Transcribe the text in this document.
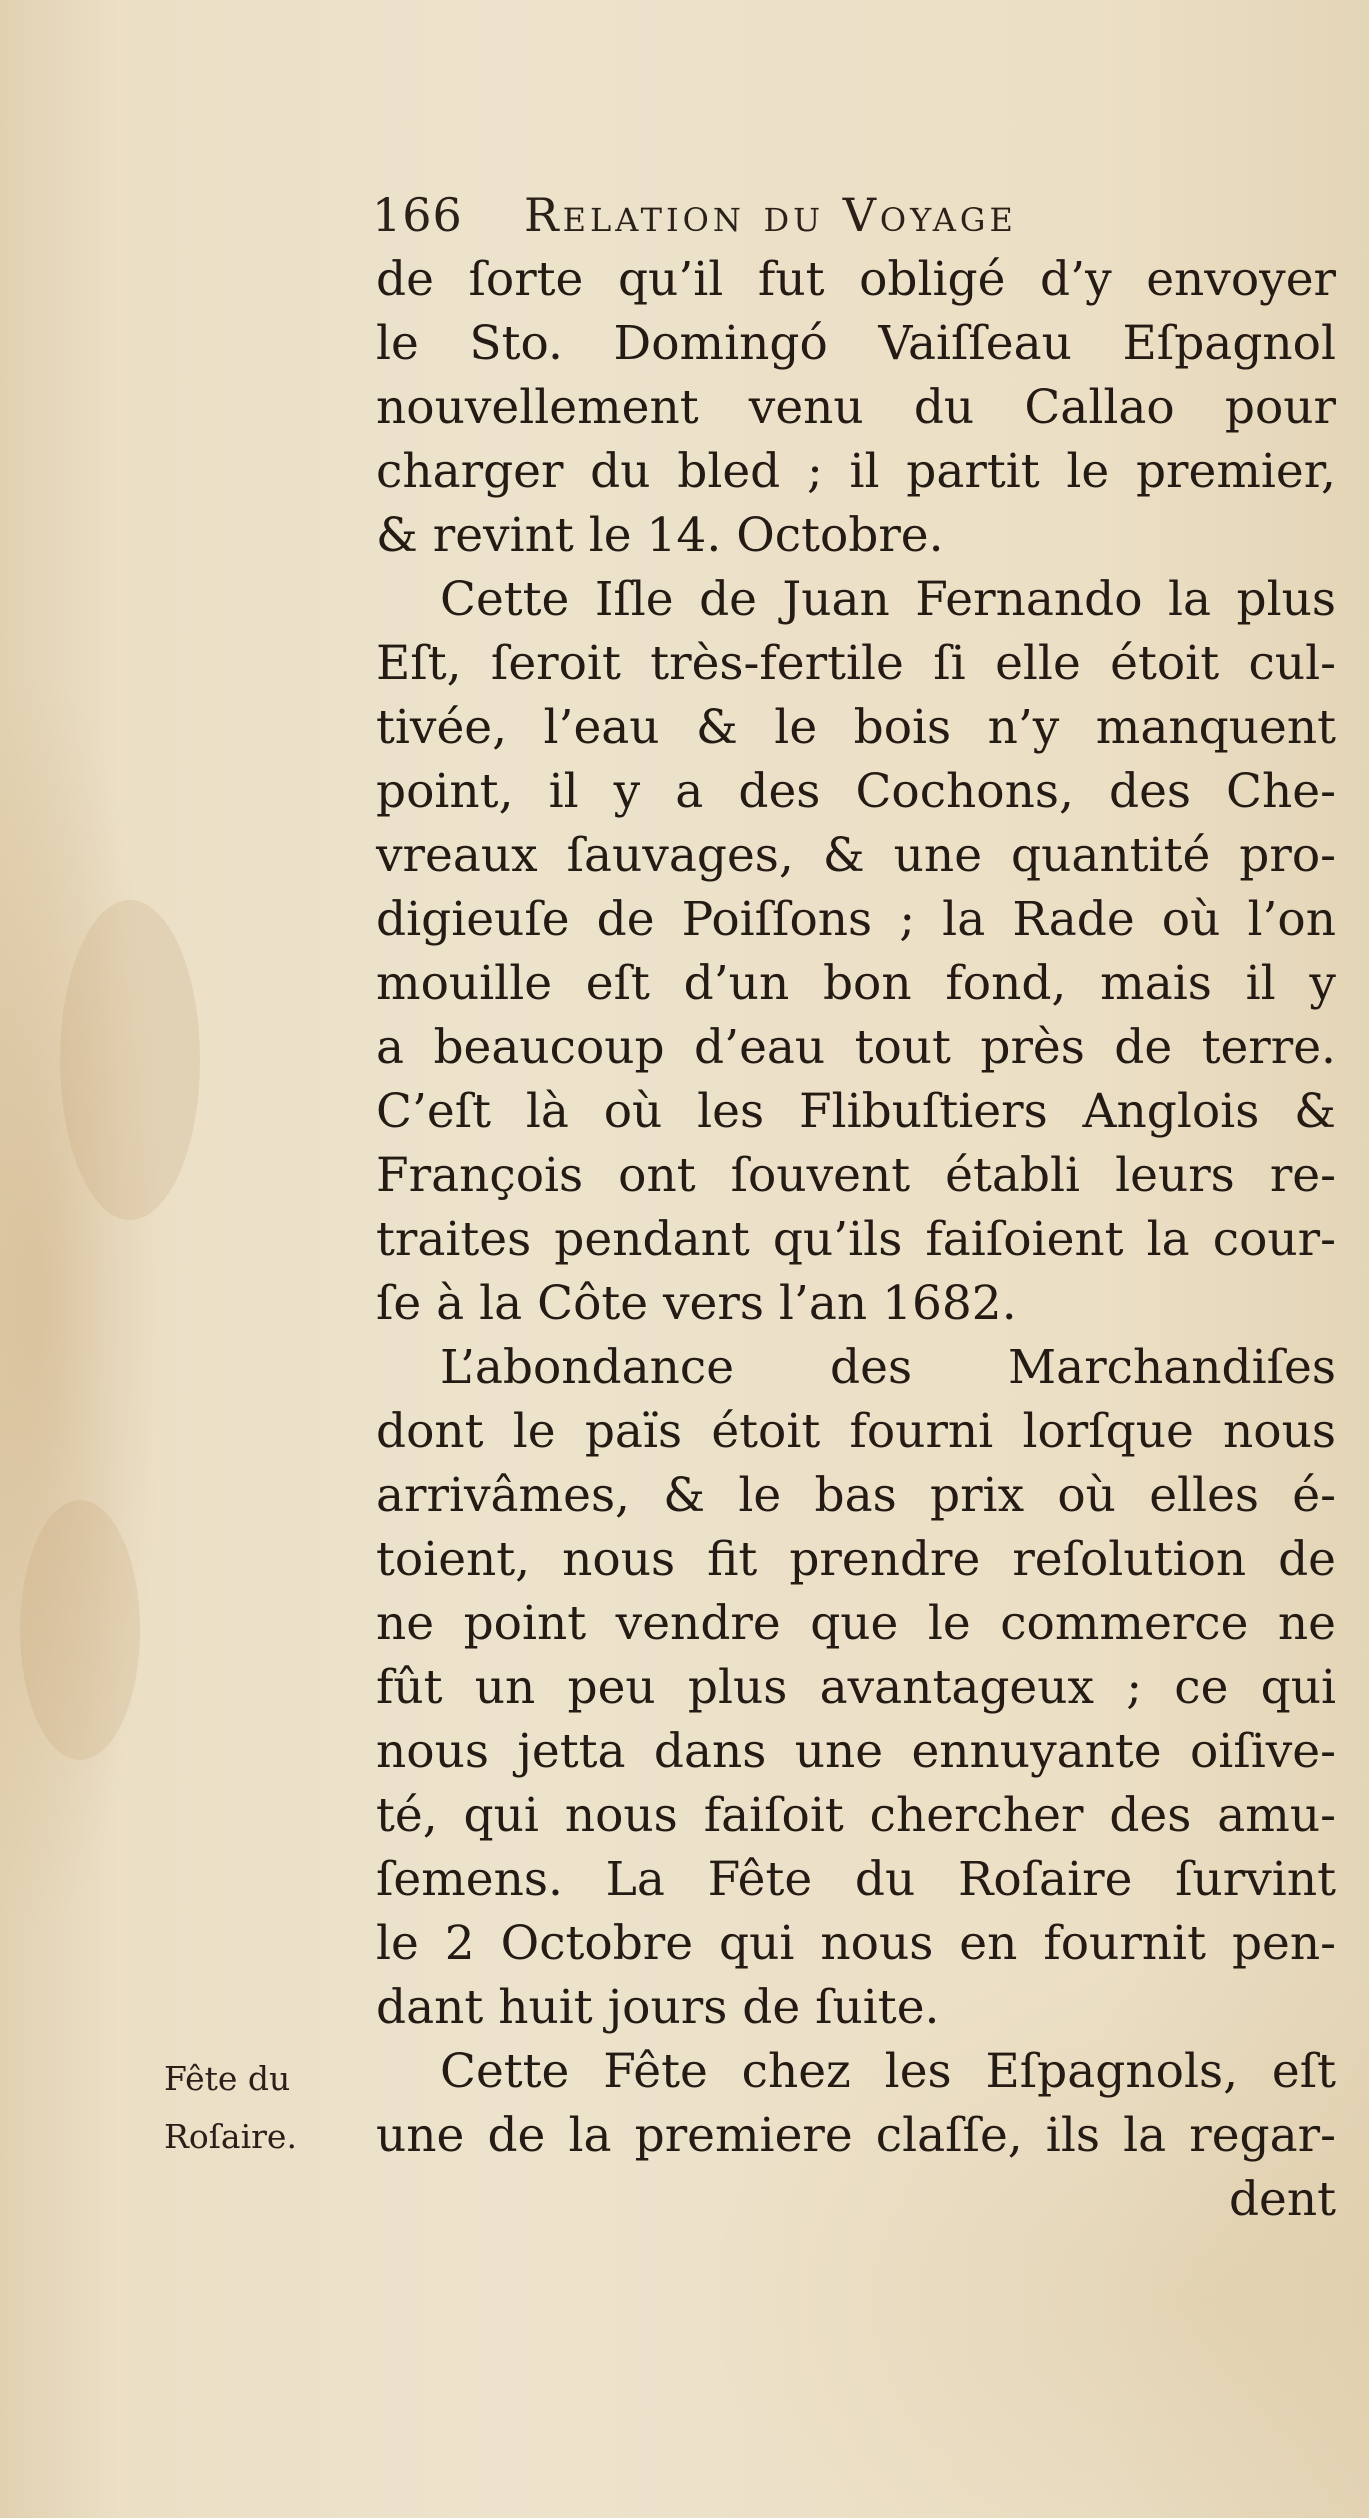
166 Relation du Voyage
de ſorte qu’il fut obligé d’y envoyer
le Sto. Domingó Vaiſſeau Eſpagnol
nouvellement venu du Callao pour
charger du bled ; il partit le premier,
& revint le 14. Octobre.
Cette Iſle de Juan Fernando la plus
Eſt, ſeroit très-fertile ſi elle étoit cul-
tivée, l’eau & le bois n’y manquent
point, il y a des Cochons, des Che-
vreaux ſauvages, & une quantité pro-
digieuſe de Poiſſons ; la Rade où l’on
mouille eſt d’un bon fond, mais il y
a beaucoup d’eau tout près de terre.
C’eſt là où les Flibuſtiers Anglois &
François ont ſouvent établi leurs re-
traites pendant qu’ils faiſoient la cour-
ſe à la Côte vers l’an 1682.
L’abondance des Marchandiſes
dont le païs étoit fourni lorſque nous
arrivâmes, & le bas prix où elles é-
toient, nous fit prendre reſolution de
ne point vendre que le commerce ne
fût un peu plus avantageux ; ce qui
nous jetta dans une ennuyante oiſive-
té, qui nous faiſoit chercher des amu-
ſemens. La Fête du Roſaire ſurvint
le 2 Octobre qui nous en fournit pen-
dant huit jours de ſuite.
Cette Fête chez les Eſpagnols, eſt
une de la premiere claſſe, ils la regar-
dent
Fête du
Roſaire.
